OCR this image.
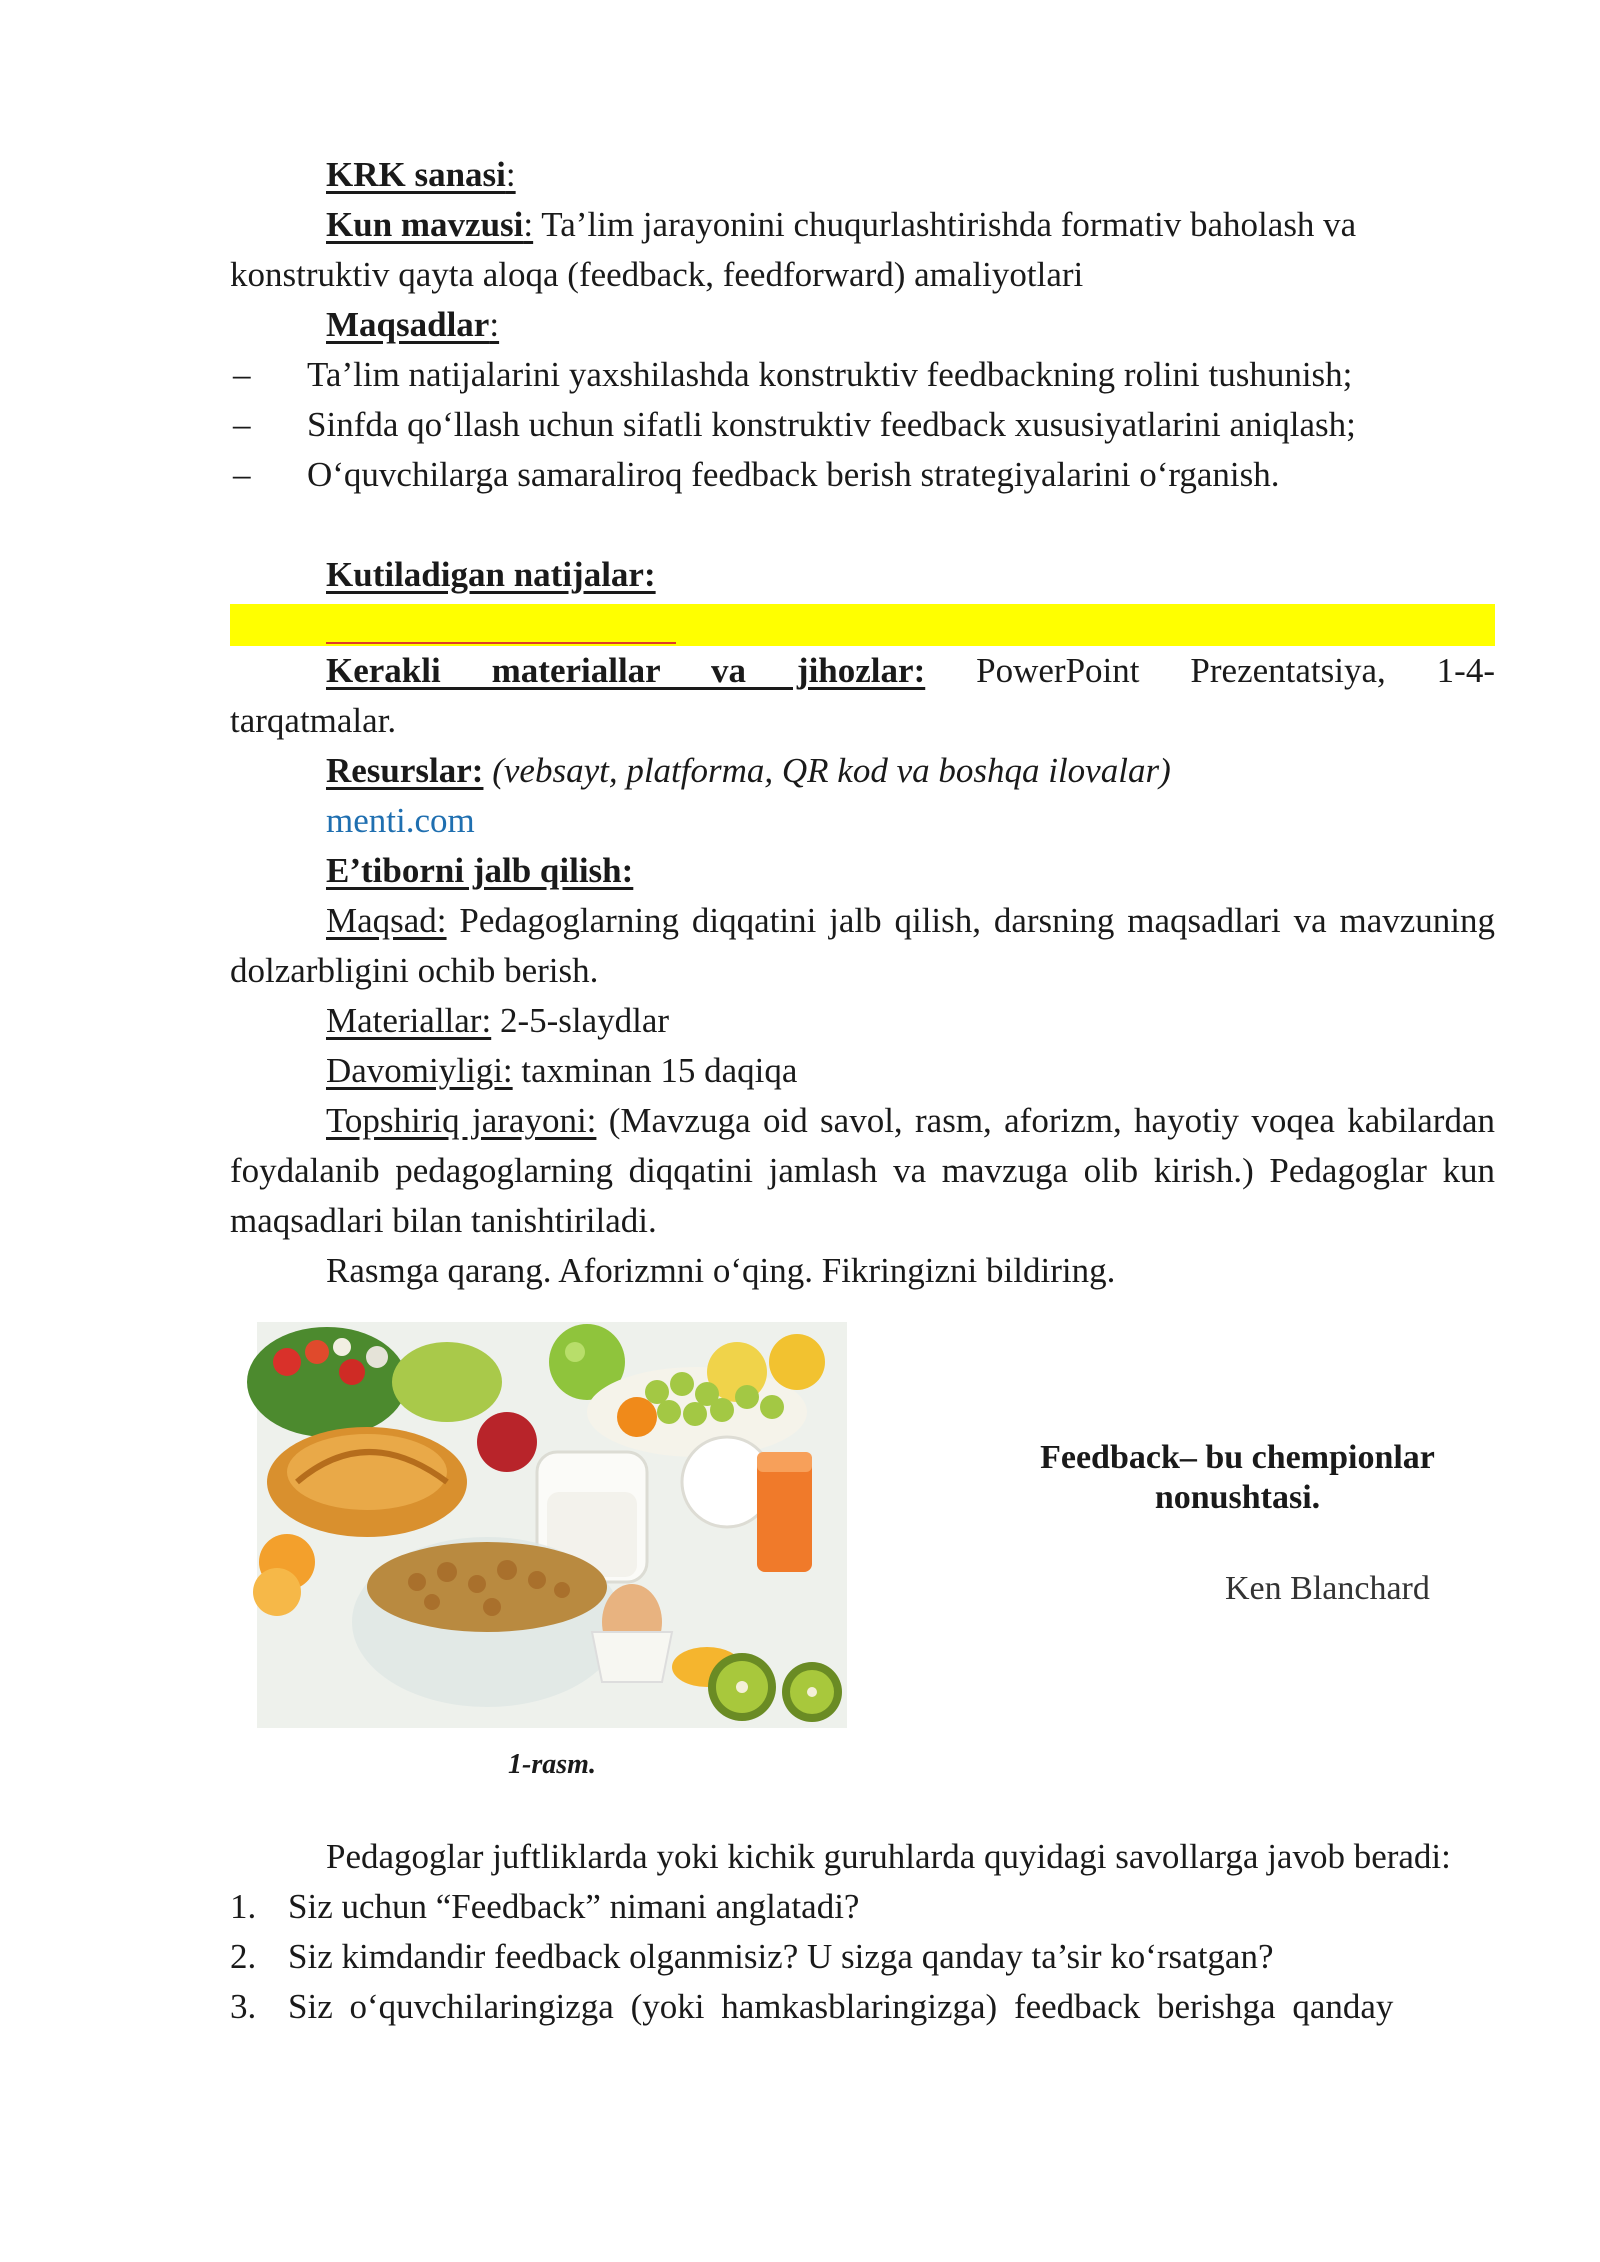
KRK sanasi:

Kun mavzusi: Ta’lim jarayonini chuqurlashtirishda formativ baholash va konstruktiv qayta aloqa (feedback, feedforward) amaliyotlari

Maqsadlar:

– Ta’lim natijalarini yaxshilashda konstruktiv feedbackning rolini tushunish;
– Sinfda qo‘llash uchun sifatli konstruktiv feedback xususiyatlarini aniqlash;
– O‘quvchilarga samaraliroq feedback berish strategiyalarini o‘rganish.

Kutiladigan natijalar:

Kerakli materiallar va jihozlar: PowerPoint Prezentatsiya, 1-4-tarqatmalar.

Resurslar: (vebsayt, platforma, QR kod va boshqa ilovalar)

menti.com

E’tiborni jalb qilish:

Maqsad: Pedagoglarning diqqatini jalb qilish, darsning maqsadlari va mavzuning dolzarbligini ochib berish.

Materiallar: 2-5-slaydlar

Davomiyligi: taxminan 15 daqiqa

Topshiriq jarayoni: (Mavzuga oid savol, rasm, aforizm, hayotiy voqea kabilardan foydalanib pedagoglarning diqqatini jamlash va mavzuga olib kirish.) Pedagoglar kun maqsadlari bilan tanishtiriladi.

Rasmga qarang. Aforizmni o‘qing. Fikringizni bildiring.

1-rasm.
Feedback– bu chempionlar
nonushtasi.
Ken Blanchard

Pedagoglar juftliklarda yoki kichik guruhlarda quyidagi savollarga javob beradi:

1. Siz uchun “Feedback” nimani anglatadi?
2. Siz kimdandir feedback olganmisiz? U sizga qanday ta’sir ko‘rsatgan?
3. Siz o‘quvchilaringizga (yoki hamkasblaringizga) feedback berishga qanday
